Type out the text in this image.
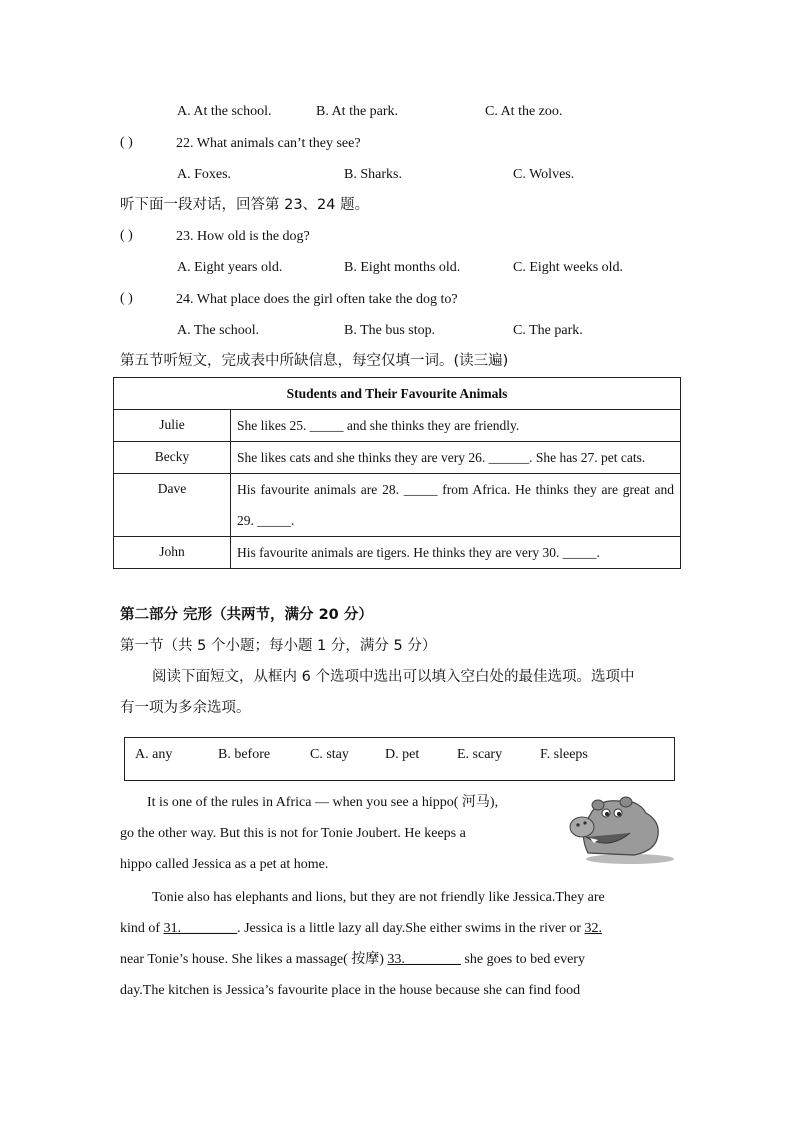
A. At the school.	B. At the park.	C. At the zoo.
( )	22. What animals can’t they see?
A. Foxes.	B. Sharks.	C. Wolves.
听下面一段对话，回答第 23、24 题。
( )	23. How old is the dog?
A. Eight years old.	B. Eight months old.	C. Eight weeks old.
( )	24. What place does the girl often take the dog to?
A. The school.	B. The bus stop.	C. The park.
第五节听短文，完成表中所缺信息，每空仅填一词。(读三遍)
Students and Their Favourite Animals	
Julie	She likes 25. _____ and she thinks they are friendly.
Becky	She likes cats and she thinks they are very 26. ______. She has 27. pet cats.
Dave	His favourite animals are 28. _____ from Africa. He thinks they are great and 29. _____.
John	His favourite animals are tigers. He thinks they are very 30. _____.
第二部分 完形（共两节，满分 20 分）
第一节（共 5 个小题；每小题 1 分，满分 5 分）
阅读下面短文，从框内 6 个选项中选出可以填入空白处的最佳选项。选项中
有一项为多余选项。
A. any	B. before	C. stay	D. pet	E. scary	F. sleeps
It is one of the rules in Africa — when you see a hippo( 河马),
go the other way. But this is not for Tonie Joubert. He keeps a
hippo called Jessica as a pet at home.
Tonie also has elephants and lions, but they are not friendly like Jessica.They are
kind of 31.________. Jessica is a little lazy all day.She either swims in the river or 32.
near Tonie’s house. She likes a massage( 按摩) 33.________ she goes to bed every
day.The kitchen is Jessica’s favourite place in the house because she can find food
